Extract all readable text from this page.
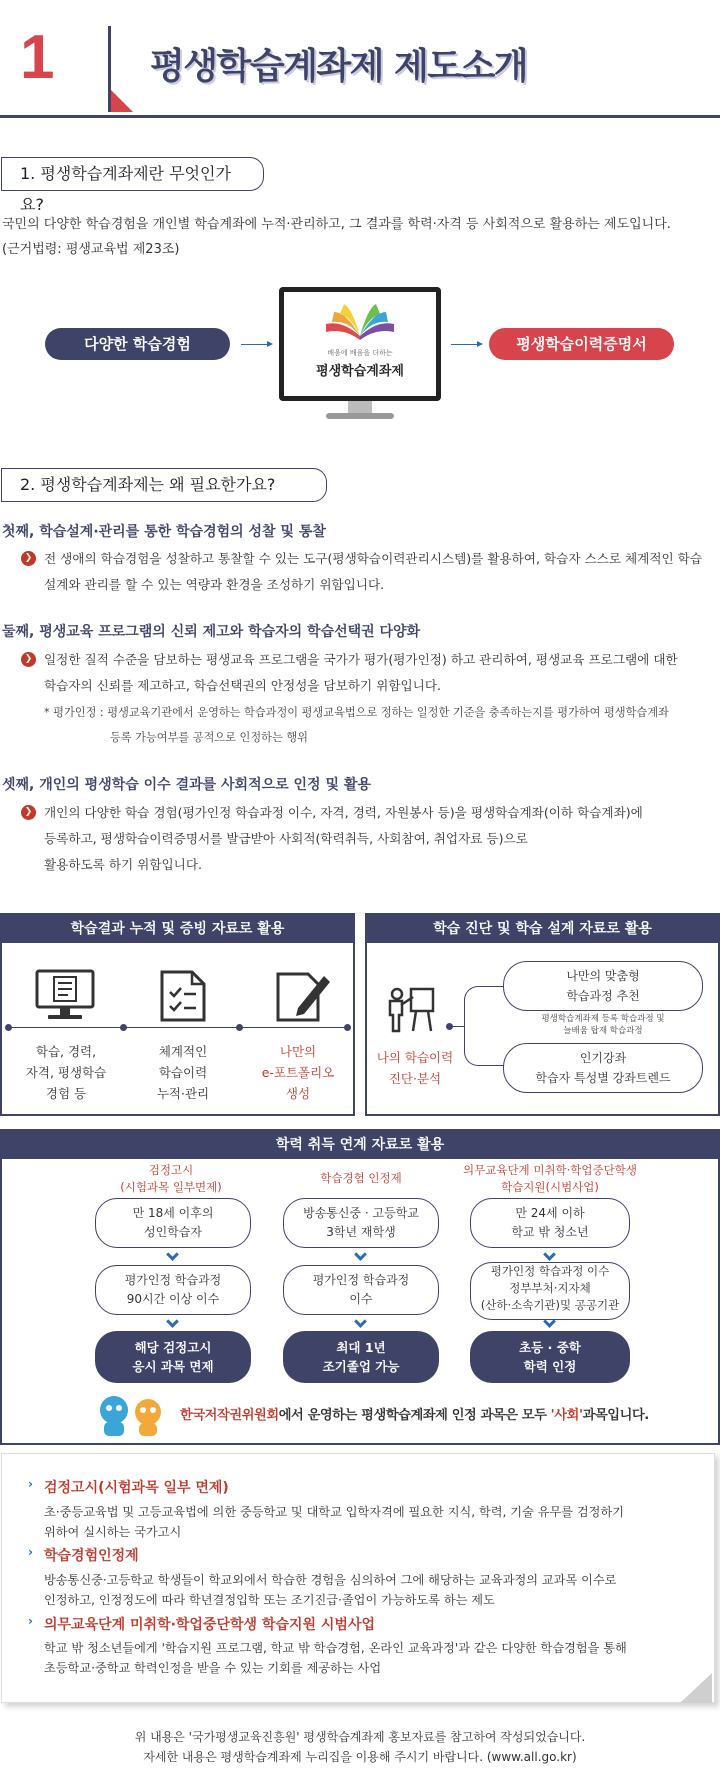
1	평생학습계좌제 제도소개
1. 평생학습계좌제란 무엇인가요?
국민의 다양한 학습경험을 개인별 학습계좌에 누적·관리하고, 그 결과를 학력·자격 등 사회적으로 활용하는 제도입니다.
(근거법령: 평생교육법 제23조)
다양한 학습경험	배움에 배움을 더하는
평생학습계좌제
평생학습이력증명서
2. 평생학습계좌제는 왜 필요한가요?
첫째, 학습설계·관리를 통한 학습경험의 성찰 및 통찰
❯ 전 생애의 학습경험을 성찰하고 통찰할 수 있는 도구(평생학습이력관리시스템)를 활용하여, 학습자 스스로 체계적인 학습
설계와 관리를 할 수 있는 역량과 환경을 조성하기 위함입니다.
둘째, 평생교육 프로그램의 신뢰 제고와 학습자의 학습선택권 다양화
❯ 일정한 질적 수준을 담보하는 평생교육 프로그램을 국가가 평가(평가인정) 하고 관리하여, 평생교육 프로그램에 대한
학습자의 신뢰를 제고하고, 학습선택권의 안정성을 담보하기 위함입니다.
* 평가인정 : 평생교육기관에서 운영하는 학습과정이 평생교육법으로 정하는 일정한 기준을 충족하는지를 평가하여 평생학습계좌
등록 가능여부를 공적으로 인정하는 행위
셋째, 개인의 평생학습 이수 결과를 사회적으로 인정 및 활용
❯ 개인의 다양한 학습 경험(평가인정 학습과정 이수, 자격, 경력, 자원봉사 등)을 평생학습계좌(이하 학습계좌)에
등록하고, 평생학습이력증명서를 발급받아 사회적(학력취득, 사회참여, 취업자료 등)으로
활용하도록 하기 위함입니다.
학습결과 누적 및 증빙 자료로 활용
학습, 경력,
자격, 평생학습
경험 등
체계적인
학습이력
누적·관리
나만의
e-포트폴리오
생성
학습 진단 및 학습 설계 자료로 활용
나의 학습이력
진단·분석
나만의 맞춤형
학습과정 추천
평생학습계좌제 등록 학습과정 및
늘배움 탑재 학습과정
인기강좌
학습자 특성별 강좌트렌드
학력 취득 연계 자료로 활용
검정고시
(시험과목 일부면제)
만 18세 이후의
성인학습자
평가인정 학습과정
90시간 이상 이수
해당 검정고시
응시 과목 면제
학습경험 인정제
방송통신중 · 고등학교
3학년 재학생
평가인정 학습과정
이수
최대 1년
조기졸업 가능
의무교육단계 미취학·학업중단학생
학습지원(시범사업)
만 24세 이하
학교 밖 청소년
평가인정 학습과정 이수
정부부처·지자체
(산하·소속기관)및 공공기관
초등 · 중학
학력 인정
한국저작권위원회에서 운영하는 평생학습계좌제 인정 과목은 모두 '사회'과목입니다.
› 검정고시(시험과목 일부 면제)
초·중등교육법 및 고등교육법에 의한 중등학교 및 대학교 입학자격에 필요한 지식, 학력, 기술 유무를 검정하기
위하여 실시하는 국가고시
› 학습경험인정제
방송통신중·고등학교 학생들이 학교외에서 학습한 경험을 심의하여 그에 해당하는 교육과정의 교과목 이수로
인정하고, 인정정도에 따라 학년결정입학 또는 조기진급·졸업이 가능하도록 하는 제도
› 의무교육단계 미취학·학업중단학생 학습지원 시범사업
학교 밖 청소년들에게 '학습지원 프로그램, 학교 밖 학습경험, 온라인 교육과정'과 같은 다양한 학습경험을 통해
초등학교·중학교 학력인정을 받을 수 있는 기회를 제공하는 사업
위 내용은 '국가평생교육진흥원' 평생학습계좌제 홍보자료를 참고하여 작성되었습니다.
자세한 내용은 평생학습계좌제 누리집을 이용해 주시기 바랍니다. (www.all.go.kr)
